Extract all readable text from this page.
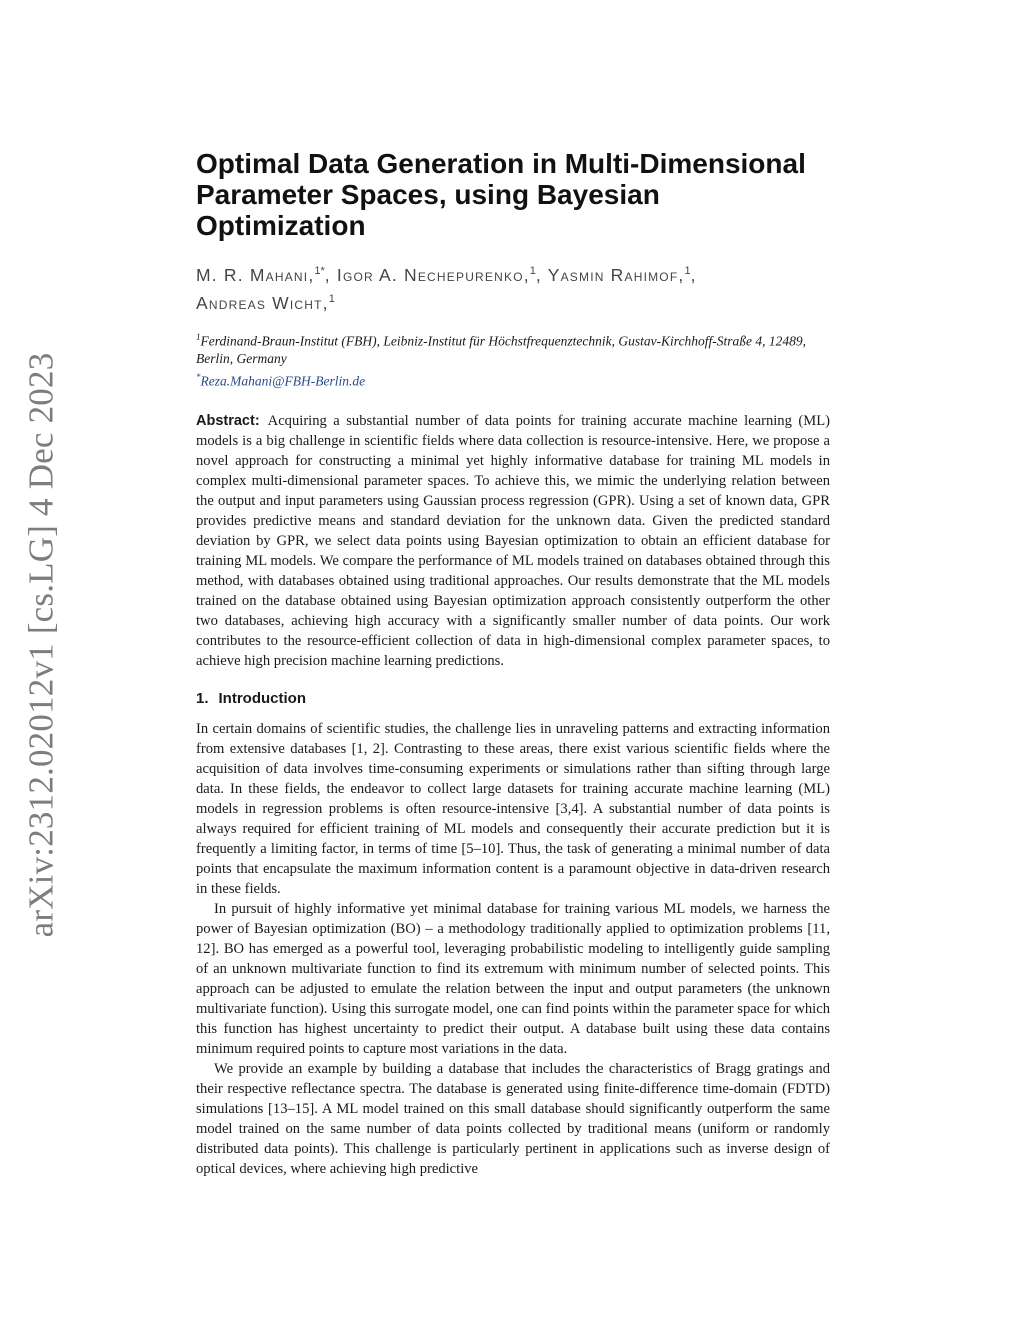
arXiv:2312.02012v1 [cs.LG] 4 Dec 2023
Optimal Data Generation in Multi-Dimensional
Parameter Spaces, using Bayesian Optimization
M. R. Mahani,$^{1*}$, Igor A. Nechepurenko,$^1$, Yasmin Rahimof,$^1$,
Andreas Wicht,$^1$
$^1$Ferdinand-Braun-Institut (FBH), Leibniz-Institut für Höchstfrequenztechnik, Gustav-Kirchhoff-Straße 4, 12489, Berlin, Germany
*Reza.Mahani@FBH-Berlin.de
Abstract: Acquiring a substantial number of data points for training accurate machine learning (ML) models is a big challenge in scientific fields where data collection is resource-intensive. Here, we propose a novel approach for constructing a minimal yet highly informative database for training ML models in complex multi-dimensional parameter spaces. To achieve this, we mimic the underlying relation between the output and input parameters using Gaussian process regression (GPR). Using a set of known data, GPR provides predictive means and standard deviation for the unknown data. Given the predicted standard deviation by GPR, we select data points using Bayesian optimization to obtain an efficient database for training ML models. We compare the performance of ML models trained on databases obtained through this method, with databases obtained using traditional approaches. Our results demonstrate that the ML models trained on the database obtained using Bayesian optimization approach consistently outperform the other two databases, achieving high accuracy with a significantly smaller number of data points. Our work contributes to the resource-efficient collection of data in high-dimensional complex parameter spaces, to achieve high precision machine learning predictions.
1. Introduction

In certain domains of scientific studies, the challenge lies in unraveling patterns and extracting information from extensive databases [1, 2]. Contrasting to these areas, there exist various scientific fields where the acquisition of data involves time-consuming experiments or simulations rather than sifting through large data. In these fields, the endeavor to collect large datasets for training accurate machine learning (ML) models in regression problems is often resource-intensive [3,4]. A substantial number of data points is always required for efficient training of ML models and consequently their accurate prediction but it is frequently a limiting factor, in terms of time [5–10]. Thus, the task of generating a minimal number of data points that encapsulate the maximum information content is a paramount objective in data-driven research in these fields.

In pursuit of highly informative yet minimal database for training various ML models, we harness the power of Bayesian optimization (BO) – a methodology traditionally applied to optimization problems [11, 12]. BO has emerged as a powerful tool, leveraging probabilistic modeling to intelligently guide sampling of an unknown multivariate function to find its extremum with minimum number of selected points. This approach can be adjusted to emulate the relation between the input and output parameters (the unknown multivariate function). Using this surrogate model, one can find points within the parameter space for which this function has highest uncertainty to predict their output. A database built using these data contains minimum required points to capture most variations in the data.

We provide an example by building a database that includes the characteristics of Bragg gratings and their respective reflectance spectra. The database is generated using finite-difference time-domain (FDTD) simulations [13–15]. A ML model trained on this small database should significantly outperform the same model trained on the same number of data points collected by traditional means (uniform or randomly distributed data points). This challenge is particularly pertinent in applications such as inverse design of optical devices, where achieving high predictive
